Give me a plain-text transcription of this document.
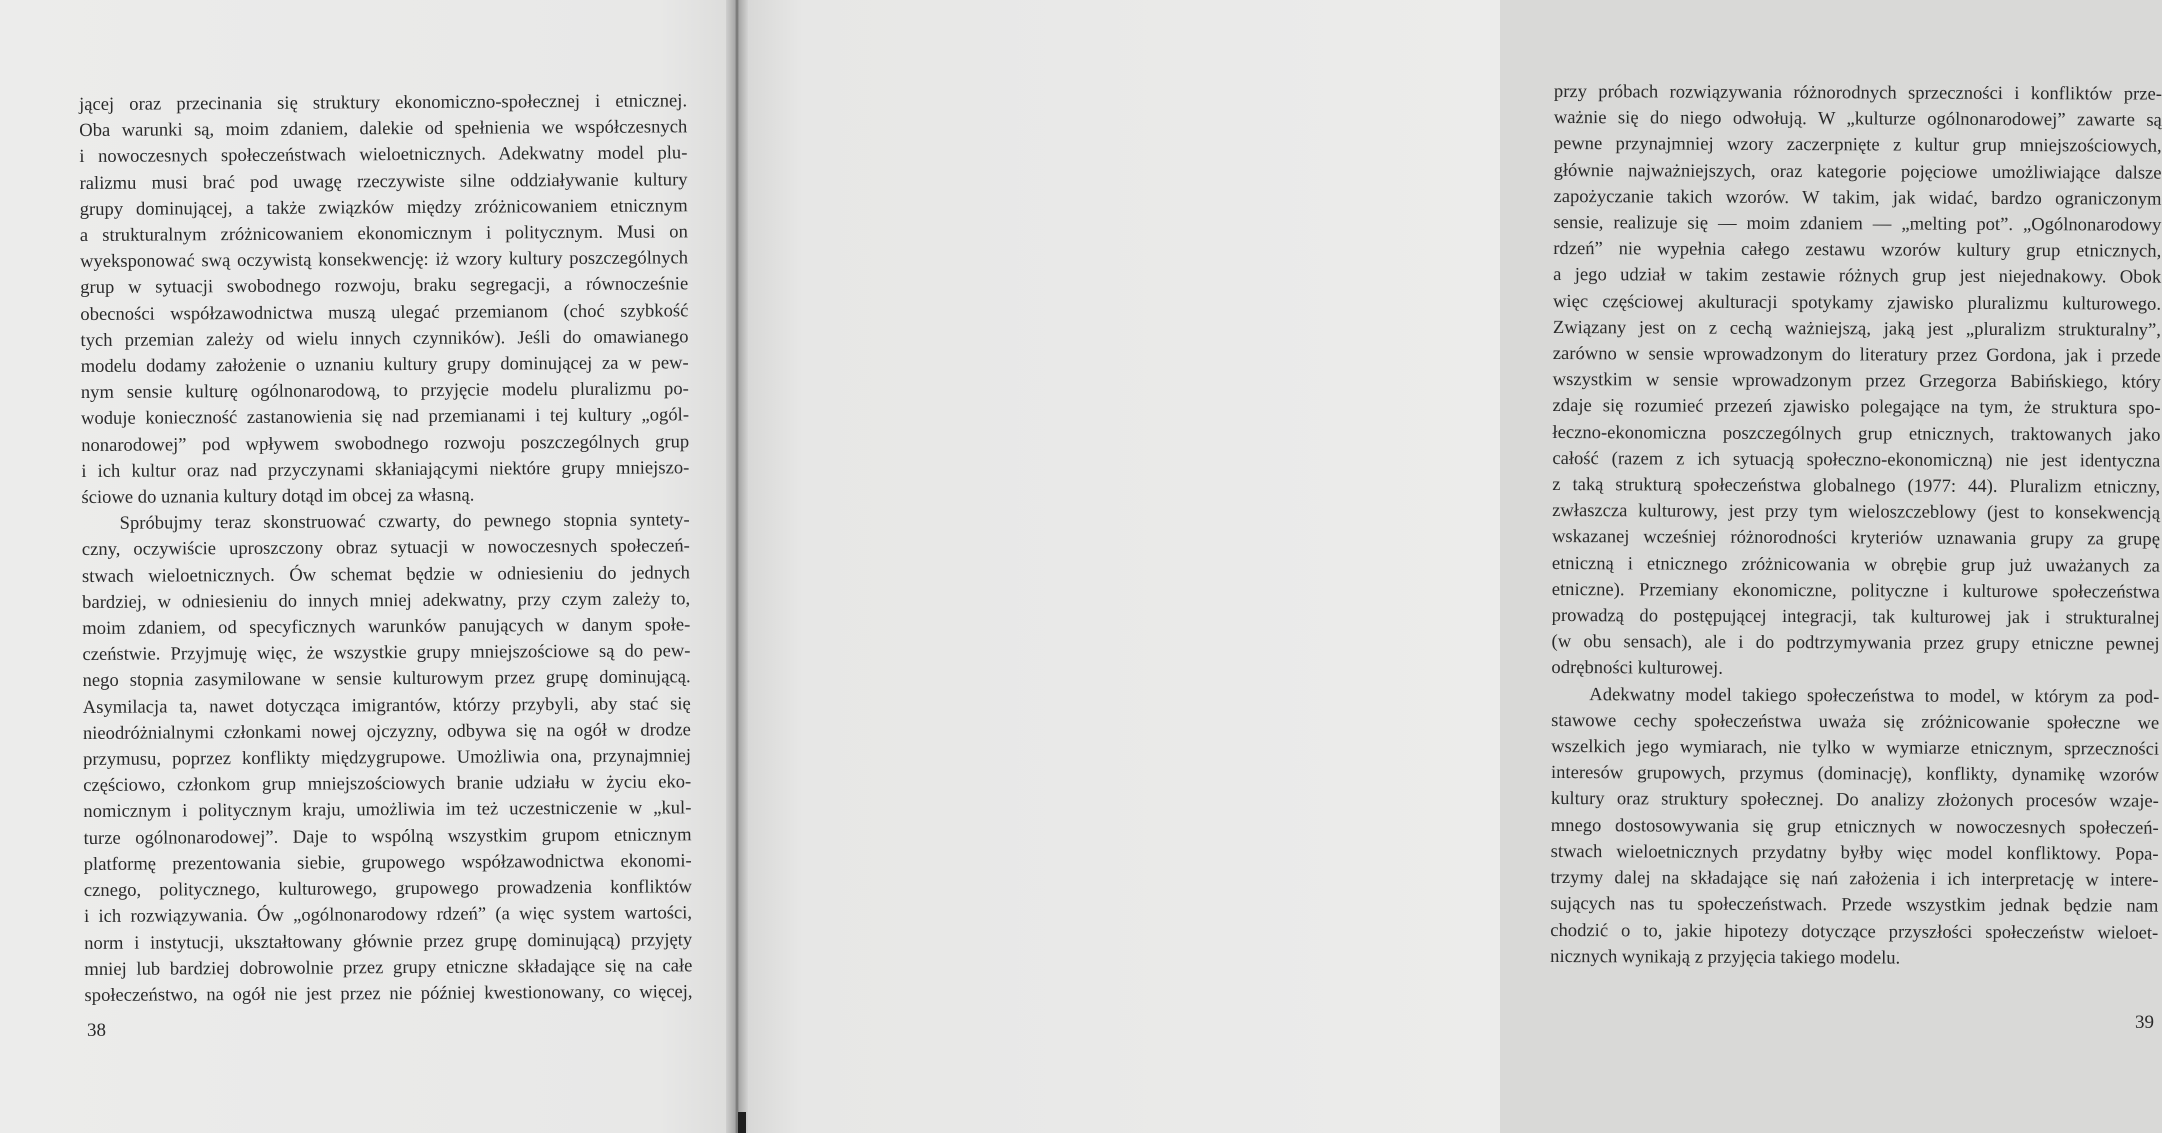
jącej oraz przecinania się struktury ekonomiczno-społecznej i etnicznej.
Oba warunki są, moim zdaniem, dalekie od spełnienia we współczesnych
i nowoczesnych społeczeństwach wieloetnicznych. Adekwatny model plu-
ralizmu musi brać pod uwagę rzeczywiste silne oddziaływanie kultury
grupy dominującej, a także związków między zróżnicowaniem etnicznym
a strukturalnym zróżnicowaniem ekonomicznym i politycznym. Musi on
wyeksponować swą oczywistą konsekwencję: iż wzory kultury poszczególnych
grup w sytuacji swobodnego rozwoju, braku segregacji, a równocześnie
obecności współzawodnictwa muszą ulegać przemianom (choć szybkość
tych przemian zależy od wielu innych czynników). Jeśli do omawianego
modelu dodamy założenie o uznaniu kultury grupy dominującej za w pew-
nym sensie kulturę ogólnonarodową, to przyjęcie modelu pluralizmu po-
woduje konieczność zastanowienia się nad przemianami i tej kultury „ogól-
nonarodowej” pod wpływem swobodnego rozwoju poszczególnych grup
i ich kultur oraz nad przyczynami skłaniającymi niektóre grupy mniejszo-
ściowe do uznania kultury dotąd im obcej za własną.

Spróbujmy teraz skonstruować czwarty, do pewnego stopnia syntety-
czny, oczywiście uproszczony obraz sytuacji w nowoczesnych społeczeń-
stwach wieloetnicznych. Ów schemat będzie w odniesieniu do jednych
bardziej, w odniesieniu do innych mniej adekwatny, przy czym zależy to,
moim zdaniem, od specyficznych warunków panujących w danym społe-
czeństwie. Przyjmuję więc, że wszystkie grupy mniejszościowe są do pew-
nego stopnia zasymilowane w sensie kulturowym przez grupę dominującą.
Asymilacja ta, nawet dotycząca imigrantów, którzy przybyli, aby stać się
nieodróżnialnymi członkami nowej ojczyzny, odbywa się na ogół w drodze
przymusu, poprzez konflikty międzygrupowe. Umożliwia ona, przynajmniej
częściowo, członkom grup mniejszościowych branie udziału w życiu eko-
nomicznym i politycznym kraju, umożliwia im też uczestniczenie w „kul-
turze ogólnonarodowej”. Daje to wspólną wszystkim grupom etnicznym
platformę prezentowania siebie, grupowego współzawodnictwa ekonomi-
cznego, politycznego, kulturowego, grupowego prowadzenia konfliktów
i ich rozwiązywania. Ów „ogólnonarodowy rdzeń” (a więc system wartości,
norm i instytucji, ukształtowany głównie przez grupę dominującą) przyjęty
mniej lub bardziej dobrowolnie przez grupy etniczne składające się na całe
społeczeństwo, na ogół nie jest przez nie później kwestionowany, co więcej,

38

przy próbach rozwiązywania różnorodnych sprzeczności i konfliktów prze-
ważnie się do niego odwołują. W „kulturze ogólnonarodowej” zawarte są
pewne przynajmniej wzory zaczerpnięte z kultur grup mniejszościowych,
głównie najważniejszych, oraz kategorie pojęciowe umożliwiające dalsze
zapożyczanie takich wzorów. W takim, jak widać, bardzo ograniczonym
sensie, realizuje się — moim zdaniem — „melting pot”. „Ogólnonarodowy
rdzeń” nie wypełnia całego zestawu wzorów kultury grup etnicznych,
a jego udział w takim zestawie różnych grup jest niejednakowy. Obok
więc częściowej akulturacji spotykamy zjawisko pluralizmu kulturowego.
Związany jest on z cechą ważniejszą, jaką jest „pluralizm strukturalny”,
zarówno w sensie wprowadzonym do literatury przez Gordona, jak i przede
wszystkim w sensie wprowadzonym przez Grzegorza Babińskiego, który
zdaje się rozumieć przezeń zjawisko polegające na tym, że struktura spo-
łeczno-ekonomiczna poszczególnych grup etnicznych, traktowanych jako
całość (razem z ich sytuacją społeczno-ekonomiczną) nie jest identyczna
z taką strukturą społeczeństwa globalnego (1977: 44). Pluralizm etniczny,
zwłaszcza kulturowy, jest przy tym wieloszczeblowy (jest to konsekwencją
wskazanej wcześniej różnorodności kryteriów uznawania grupy za grupę
etniczną i etnicznego zróżnicowania w obrębie grup już uważanych za
etniczne). Przemiany ekonomiczne, polityczne i kulturowe społeczeństwa
prowadzą do postępującej integracji, tak kulturowej jak i strukturalnej
(w obu sensach), ale i do podtrzymywania przez grupy etniczne pewnej
odrębności kulturowej.

Adekwatny model takiego społeczeństwa to model, w którym za pod-
stawowe cechy społeczeństwa uważa się zróżnicowanie społeczne we
wszelkich jego wymiarach, nie tylko w wymiarze etnicznym, sprzeczności
interesów grupowych, przymus (dominację), konflikty, dynamikę wzorów
kultury oraz struktury społecznej. Do analizy złożonych procesów wzaje-
mnego dostosowywania się grup etnicznych w nowoczesnych społeczeń-
stwach wieloetnicznych przydatny byłby więc model konfliktowy. Popa-
trzymy dalej na składające się nań założenia i ich interpretację w intere-
sujących nas tu społeczeństwach. Przede wszystkim jednak będzie nam
chodzić o to, jakie hipotezy dotyczące przyszłości społeczeństw wieloet-
nicznych wynikają z przyjęcia takiego modelu.

39
